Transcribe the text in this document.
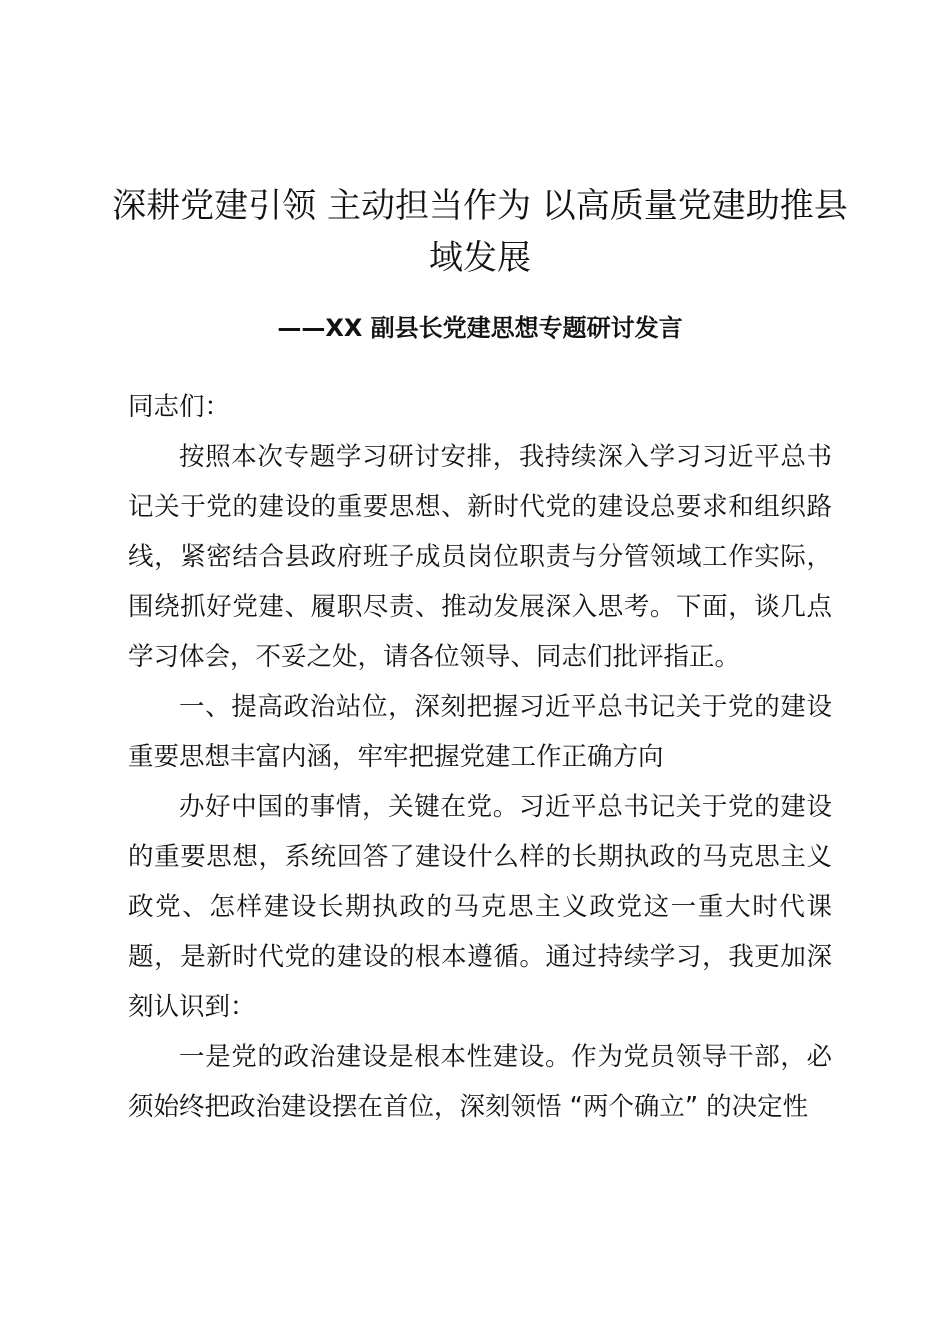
深耕党建引领 主动担当作为 以高质量党建助推县域发展
——XX 副县长党建思想专题研讨发言

同志们：

按照本次专题学习研讨安排，我持续深入学习习近平总书记关于党的建设的重要思想、新时代党的建设总要求和组织路线，紧密结合县政府班子成员岗位职责与分管领域工作实际，围绕抓好党建、履职尽责、推动发展深入思考。下面，谈几点学习体会，不妥之处，请各位领导、同志们批评指正。

一、提高政治站位，深刻把握习近平总书记关于党的建设重要思想丰富内涵，牢牢把握党建工作正确方向

办好中国的事情，关键在党。习近平总书记关于党的建设的重要思想，系统回答了建设什么样的长期执政的马克思主义政党、怎样建设长期执政的马克思主义政党这一重大时代课题，是新时代党的建设的根本遵循。通过持续学习，我更加深刻认识到：

一是党的政治建设是根本性建设。作为党员领导干部，必须始终把政治建设摆在首位，深刻领悟 “两个确立” 的决定性
